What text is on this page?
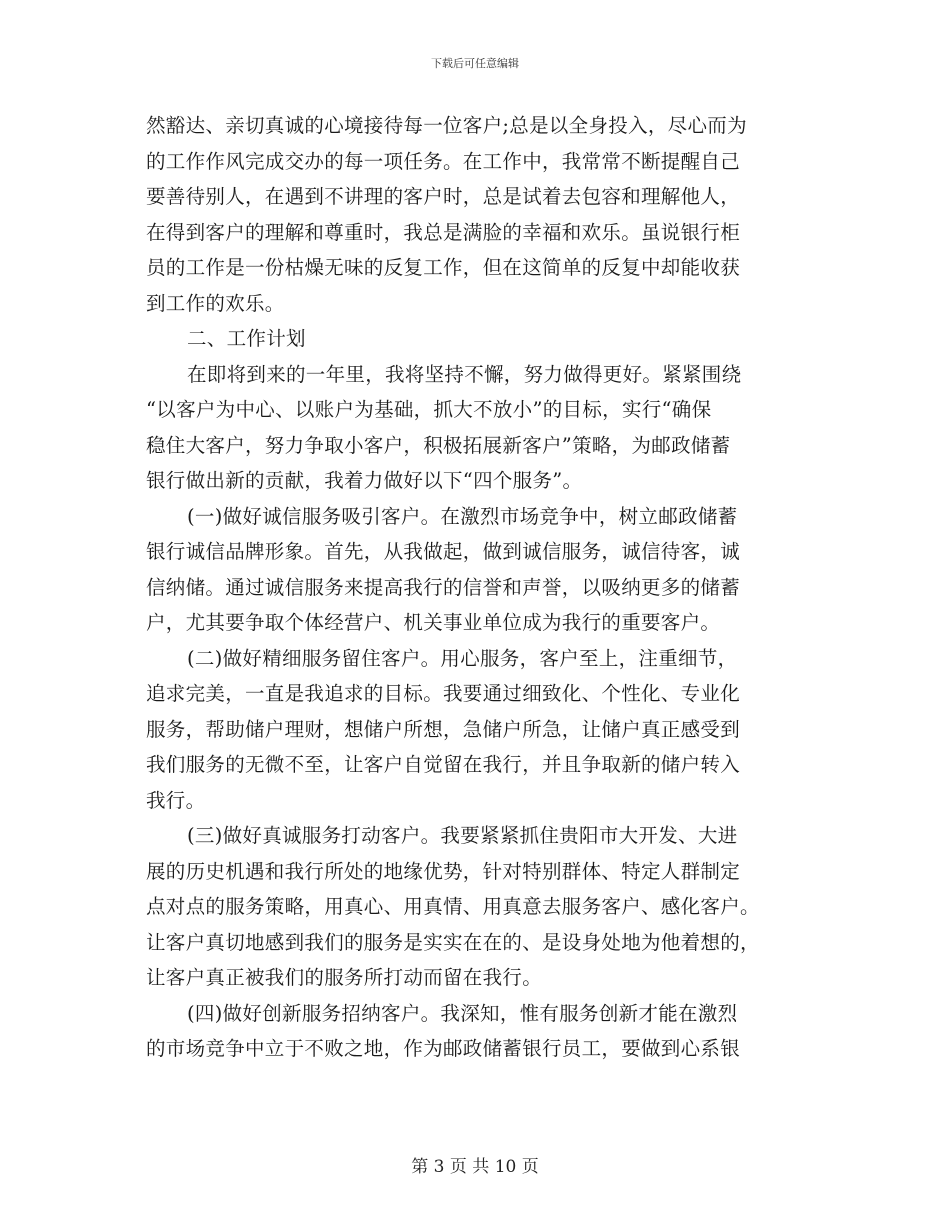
下载后可任意编辑
然豁达、亲切真诚的心境接待每一位客户;总是以全身投入，尽心而为
的工作作风完成交办的每一项任务。在工作中，我常常不断提醒自己
要善待别人，在遇到不讲理的客户时，总是试着去包容和理解他人，
在得到客户的理解和尊重时，我总是满脸的幸福和欢乐。虽说银行柜
员的工作是一份枯燥无味的反复工作，但在这简单的反复中却能收获
到工作的欢乐。
二、工作计划
在即将到来的一年里，我将坚持不懈，努力做得更好。紧紧围绕
“以客户为中心、以账户为基础，抓大不放小”的目标，实行“确保
稳住大客户，努力争取小客户，积极拓展新客户”策略，为邮政储蓄
银行做出新的贡献，我着力做好以下“四个服务”。
(一)做好诚信服务吸引客户。在激烈市场竞争中，树立邮政储蓄
银行诚信品牌形象。首先，从我做起，做到诚信服务，诚信待客，诚
信纳储。通过诚信服务来提高我行的信誉和声誉，以吸纳更多的储蓄
户，尤其要争取个体经营户、机关事业单位成为我行的重要客户。
(二)做好精细服务留住客户。用心服务，客户至上，注重细节，
追求完美，一直是我追求的目标。我要通过细致化、个性化、专业化
服务，帮助储户理财，想储户所想，急储户所急，让储户真正感受到
我们服务的无微不至，让客户自觉留在我行，并且争取新的储户转入
我行。
(三)做好真诚服务打动客户。我要紧紧抓住贵阳市大开发、大进
展的历史机遇和我行所处的地缘优势，针对特别群体、特定人群制定
点对点的服务策略，用真心、用真情、用真意去服务客户、感化客户。
让客户真切地感到我们的服务是实实在在的、是设身处地为他着想的，
让客户真正被我们的服务所打动而留在我行。
(四)做好创新服务招纳客户。我深知，惟有服务创新才能在激烈
的市场竞争中立于不败之地，作为邮政储蓄银行员工，要做到心系银
第 3 页 共 10 页
